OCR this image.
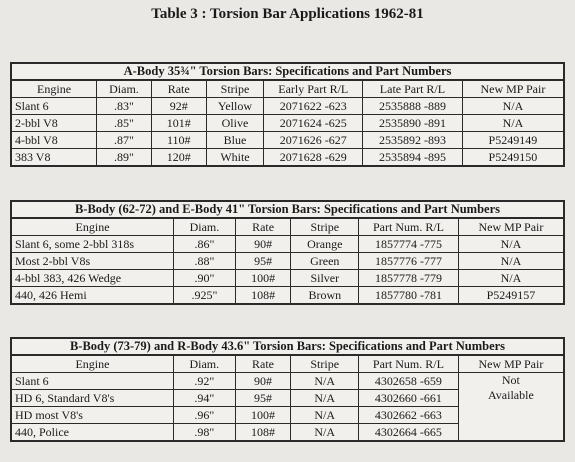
Table 3 : Torsion Bar Applications 1962-81
A-Body 35¾" Torsion Bars: Specifications and Part Numbers						
Engine	Diam.	Rate	Stripe	Early Part R/L	Late Part R/L	New MP Pair
Slant 6	.83"	92#	Yellow	2071622 -623	2535888 -889	N/A
2-bbl V8	.85"	101#	Olive	2071624 -625	2535890 -891	N/A
4-bbl V8	.87"	110#	Blue	2071626 -627	2535892 -893	P5249149
383 V8	.89"	120#	White	2071628 -629	2535894 -895	P5249150
B-Body (62-72) and E-Body 41" Torsion Bars: Specifications and Part Numbers					
Engine	Diam.	Rate	Stripe	Part Num. R/L	New MP Pair
Slant 6, some 2-bbl 318s	.86"	90#	Orange	1857774 -775	N/A
Most 2-bbl V8s	.88"	95#	Green	1857776 -777	N/A
4-bbl 383, 426 Wedge	.90"	100#	Silver	1857778 -779	N/A
440, 426 Hemi	.925"	108#	Brown	1857780 -781	P5249157
B-Body (73-79) and R-Body 43.6" Torsion Bars: Specifications and Part Numbers					
Engine	Diam.	Rate	Stripe	Part Num. R/L	New MP Pair
Slant 6	.92"	90#	N/A	4302658 -659	Not
Available

HD 6, Standard V8's	.94"	95#	N/A	4302660 -661	
HD most V8's	.96"	100#	N/A	4302662 -663	
440, Police	.98"	108#	N/A	4302664 -665	
